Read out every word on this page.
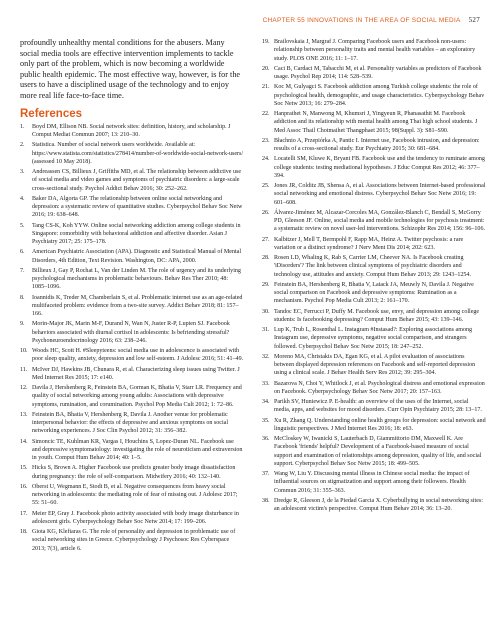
CHAPTER 55 INNOVATIONS IN THE AREA OF SOCIAL MEDIA 527

profoundly unhealthy mental conditions for the abusers. Many social media tools are effective intervention implements to tackle only part of the problem, which is now becoming a worldwide public health epidemic. The most effective way, however, is for the users to have a disciplined usage of the technology and to enjoy more real life face-to-face time.

References
1.	Boyd DM, Ellison NB. Social network sites: definition, history, and scholarship. J Comput Mediat Commun 2007; 13: 210–30.
2.	Statistica. Number of social network users worldwide. Available at: https://www.statista.com/statistics/278414/number-of-worldwide-social-network-users/ (assessed 10 May 2018).
3.	Andreassen CS, Billieux J, Griffiths MD, et al. The relationship between addictive use of social media and video games and symptoms of psychiatric disorders: a large-scale cross-sectional study. Psychol Addict Behav 2016; 30: 252–262.
4.	Baker DA, Algorta GP. The relationship between online social networking and depression: a systematic review of quantitative studies. Cyberpsychol Behav Soc Netw 2016; 19: 638–648.
5.	Tang CS-K, Koh YYW. Online social networking addiction among college students in Singapore: comorbidity with behavioral addiction and affective disorder. Asian J Psychiatry 2017; 25: 175–178.
6.	American Psychiatric Association (APA). Diagnostic and Statistical Manual of Mental Disorders, 4th Edition, Text Revision. Washington, DC: APA, 2000.
7.	Billieux J, Gay P, Rochat L, Van der Linden M. The role of urgency and its underlying psychological mechanisms in problematic behaviours. Behav Res Ther 2010; 48: 1085–1096.
8.	Ioannidis K, Treder M, Chamberlain S, et al. Problematic internet use as an age-related multifaceted problem: evidence from a two-site survey. Addict Behav 2018; 81: 157–166.
9.	Morin-Major JK, Marin M-F, Durand N, Wan N, Juster R-P, Lupien SJ. Facebook behaviors associated with diurnal cortisol in adolescents: Is befriending stressful? Psychoneuroendocrinology 2016; 63: 238–246.
10. Woods HC, Scott H. #Sleepyteens: social media use in adolescence is associated with poor sleep quality, anxiety, depression and low self-esteem. J Adolesc 2016; 51: 41–49.
11. McIver DJ, Hawkins JB, Chunara R, et al. Characterizing sleep issues using Twitter. J Med Internet Res 2015; 17: e140.
12. Davila J, Hershenberg R, Feinstein BA, Gorman K, Bhatia V, Starr LR. Frequency and quality of social networking among young adults: Associations with depressive symptoms, rumination, and corumination. Psychol Pop Media Cult 2012; 1: 72–86.
13. Feinstein BA, Bhatia V, Hershenberg R, Davila J. Another venue for problematic interpersonal behavior: the effects of depressive and anxious symptoms on social networking experiences. J Soc Clin Psychol 2012; 31: 356–382.
14. Simoncic TE, Kuhlman KR, Vargas I, Houchins S, Lopez-Duran NL. Facebook use and depressive symptomatology: investigating the role of neuroticism and extraversion in youth. Comput Hum Behav 2014; 40: 1–5.
15. Hicks S, Brown A. Higher Facebook use predicts greater body image dissatisfaction during pregnancy: the role of self-comparison. Midwifery 2016; 40: 132–140.
16. Oberst U, Wegmann E, Stodt B, et al. Negative consequences from heavy social networking in adolescents: the mediating role of fear of missing out. J Adolesc 2017; 55: 51–60.
17. Meier EP, Gray J. Facebook photo activity associated with body image disturbance in adolescent girls. Cyberpsychology Behav Soc Netw 2014; 17: 199–206.
18. Giota KG, Kleftaras G. The role of personality and depression in problematic use of social networking sites in Greece. Cyberpsychology J Psychosoc Res Cyberspace 2013; 7(3), article 6.
19. Brailovskaia J, Margraf J. Comparing Facebook users and Facebook non-users: relationship between personality traits and mental health variables – an exploratory study. PLOS ONE 2016; 11: 1–17.
20. Caci B, Cardaci M, Tabacchi M, et al. Personality variables as predictors of Facebook usage. Psychol Rep 2014; 114: 528–539.
21. Koc M, Gulyagci S. Facebook addiction among Turkish college students: the role of psychological health, demographic, and usage characteristics. Cyberpsychology Behav Soc Netw 2013; 16: 279–284.
22. Hanprathet N, Manwong M, Khumsri J, Yingyeun R, Phanasathit M. Facebook addiction and its relationship with mental health among Thai high school students. J Med Assoc Thail Chotmaihet Thangphaet 2015; 98(Suppl. 3): S81–S90.
23. Błachnio A, Przepiórka A, Pantic I. Internet use, Facebook intrusion, and depression: results of a cross-sectional study. Eur Psychiatry 2015; 30: 681–684.
24. Locatelli SM, Kluwe K, Bryant FB. Facebook use and the tendency to ruminate among college students: testing mediational hypotheses. J Educ Comput Res 2012; 46: 377–394.
25. Jones JR, Colditz JB, Shensa A, et al. Associations between Internet-based professional social networking and emotional distress. Cyberpsychol Behav Soc Netw 2016; 19: 601–608.
26. Álvarez-Jiménez M, Alcazar-Corcoles MA, González-Blanch C, Bendall S, McGorry PD, Gleeson JF. Online, social media and mobile technologies for psychosis treatment: a systematic review on novel user-led interventions. Schizophr Res 2014; 156: 96–106.
27. Kalbitzer J, Mell T, Bermpohl F, Rapp MA, Heinz A. Twitter psychosis: a rare variation or a distinct syndrome? J Nerv Ment Dis 2014; 202: 623.
28. Rosen LD, Whaling K, Rab S, Carrier LM, Cheever NA. Is Facebook creating 'iDisorders'? The link between clinical symptoms of psychiatric disorders and technology use, attitudes and anxiety. Comput Hum Behav 2013; 29: 1243–1254.
29. Feinstein BA, Hershenberg R, Bhatia V, Latack JA, Meuwly N, Davila J. Negative social comparison on Facebook and depressive symptoms: Rumination as a mechanism. Psychol Pop Media Cult 2013; 2: 161–170.
30. Tandoc EC, Ferrucci P, Duffy M. Facebook use, envy, and depression among college students: Is facebooking depressing? Comput Hum Behav 2015; 43: 139–146.
31. Lup K, Trub L, Rosenthal L. Instagram #Instasad?: Exploring associations among Instagram use, depressive symptoms, negative social comparison, and strangers followed. Cyberpsychol Behav Soc Netw 2015; 18: 247–252.
32. Moreno MA, Christakis DA, Egan KG, et al. A pilot evaluation of associations between displayed depression references on Facebook and self-reported depression using a clinical scale. J Behav Health Serv Res 2012; 39: 295–304.
33. Bazarova N, Choi Y, Whitlock J, et al. Psychological distress and emotional expression on Facebook. Cyberpsychology Behav Soc Netw 2017; 20: 157–163.
34. Parikh SV, Huniewicz P. E-health: an overview of the uses of the Internet, social media, apps, and websites for mood disorders. Curr Opin Psychiatry 2015; 28: 13–17.
35. Xu R, Zhang Q. Understanding online health groups for depression: social network and linguistic perspectives. J Med Internet Res 2016; 18: e63.
36. McCloskey W, Iwanicki S, Lauterbach D, Giammittorio DM, Maxwell K. Are Facebook 'friends' helpful? Development of a Facebook-based measure of social support and examination of relationships among depression, quality of life, and social support. Cyberpsychol Behav Soc Netw 2015; 18: 499–505.
37. Wang W, Liu Y. Discussing mental illness in Chinese social media: the impact of influential sources on stigmatization and support among their followers. Health Commun 2016; 31: 355–363.
38. Dredge R, Gleeson J, de la Piedad Garcia X. Cyberbullying in social networking sites: an adolescent victim's perspective. Comput Hum Behav 2014; 36: 13–20.
